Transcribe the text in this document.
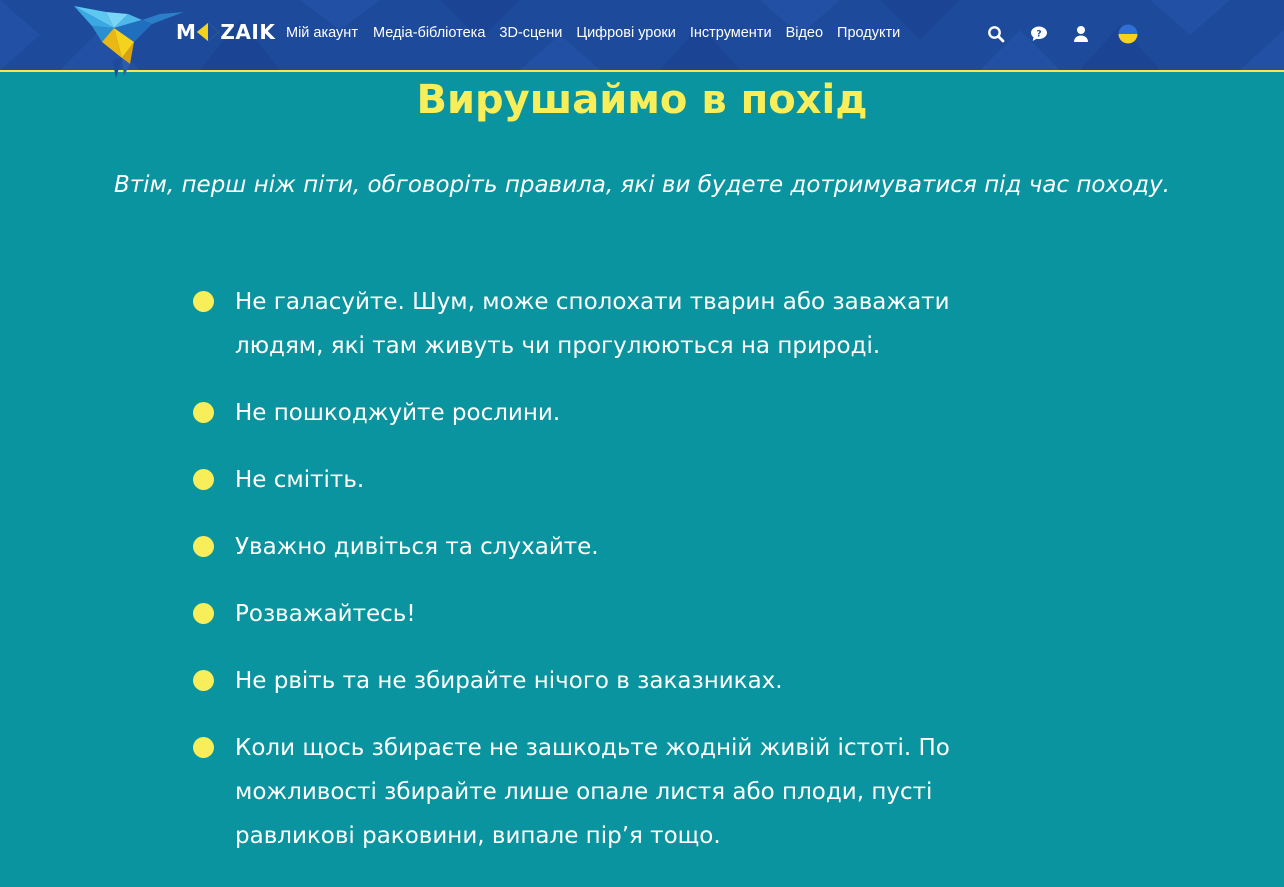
Мій акаунт Медіа-бібліотека 3D-сцени Цифрові уроки Інструменти Відео Продукти
M ZAIK	?
Вирушаймо в похід

Втім, перш ніж піти, обговоріть правила, які ви будете дотримуватися під час походу.

Не галасуйте. Шум, може сполохати тварин або заважати людям, які там живуть чи прогулюються на природі.
Не пошкоджуйте рослини.
Не смітіть.
Уважно дивіться та слухайте.
Розважайтесь!
Не рвіть та не збирайте нічого в заказниках.
Коли щось збираєте не зашкодьте жодній живій істоті. По можливості збирайте лише опале листя або плоди, пусті равликові раковини, випале пір’я тощо.
